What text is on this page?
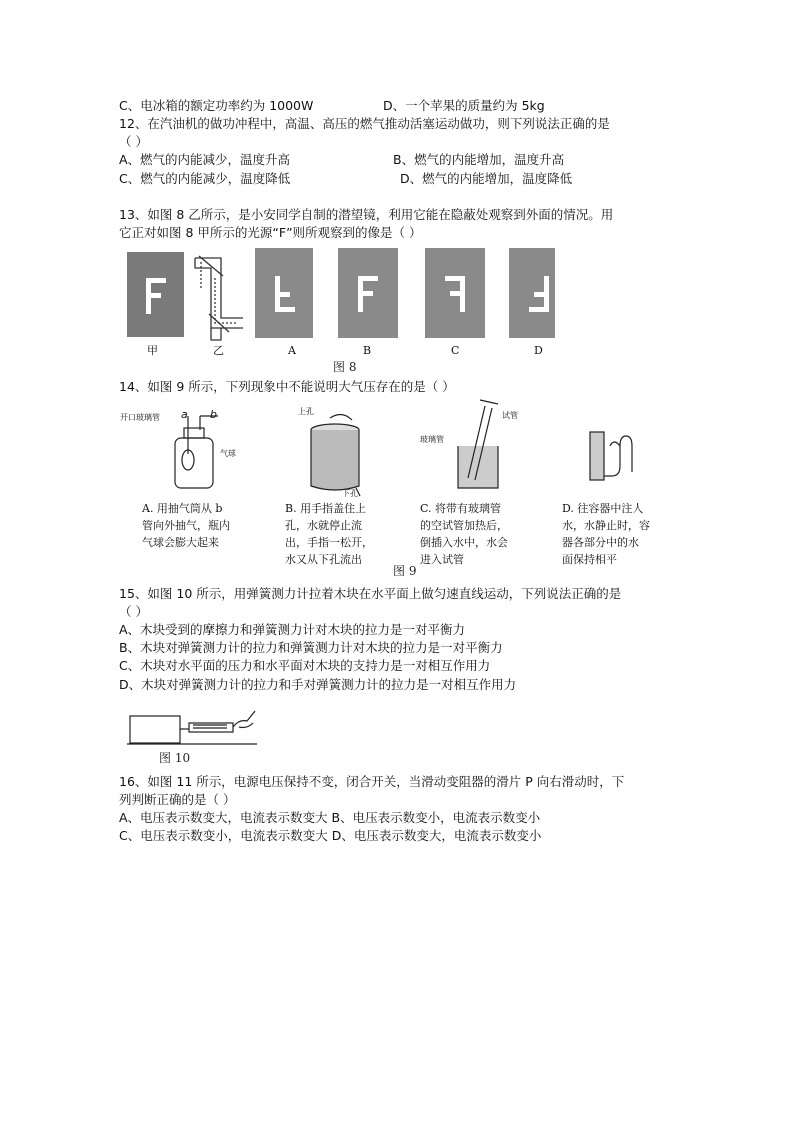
C、电冰箱的额定功率约为 1000W	D、一个苹果的质量约为 5kg
12、在汽油机的做功冲程中，高温、高压的燃气推动活塞运动做功，则下列说法正确的是
（ ）
A、燃气的内能减少，温度升高	B、燃气的内能增加，温度升高
C、燃气的内能减少，温度降低	D、燃气的内能增加，温度降低
13、如图 8 乙所示，是小安同学自制的潜望镜，利用它能在隐蔽处观察到外面的情况。用
它正对如图 8 甲所示的光源“F”则所观察到的像是（ ）
甲	乙	A	B	C	D
图 8
14、如图 9 所示，下列现象中不能说明大气压存在的是（ ）
开口玻璃管 a b
气球
上孔
下孔
玻璃管
试管
A. 用抽气筒从 b
管向外抽气，瓶内
气球会膨大起来
B. 用手指盖住上
孔，水就停止流
出，手指一松开，
水又从下孔流出
C. 将带有玻璃管
的空试管加热后，
倒插入水中，水会
进入试管
D. 往容器中注人
水，水静止时，容
器各部分中的水
面保持相平
图 9
15、如图 10 所示，用弹簧测力计拉着木块在水平面上做匀速直线运动，下列说法正确的是
（ ）
A、木块受到的摩擦力和弹簧测力计对木块的拉力是一对平衡力
B、木块对弹簧测力计的拉力和弹簧测力计对木块的拉力是一对平衡力
C、木块对水平面的压力和水平面对木块的支持力是一对相互作用力
D、木块对弹簧测力计的拉力和手对弹簧测力计的拉力是一对相互作用力
图 10
16、如图 11 所示，电源电压保持不变，闭合开关，当滑动变阻器的滑片 P 向右滑动时，下
列判断正确的是（ ）
A、电压表示数变大，电流表示数变大 B、电压表示数变小，电流表示数变小
C、电压表示数变小，电流表示数变大 D、电压表示数变大，电流表示数变小
